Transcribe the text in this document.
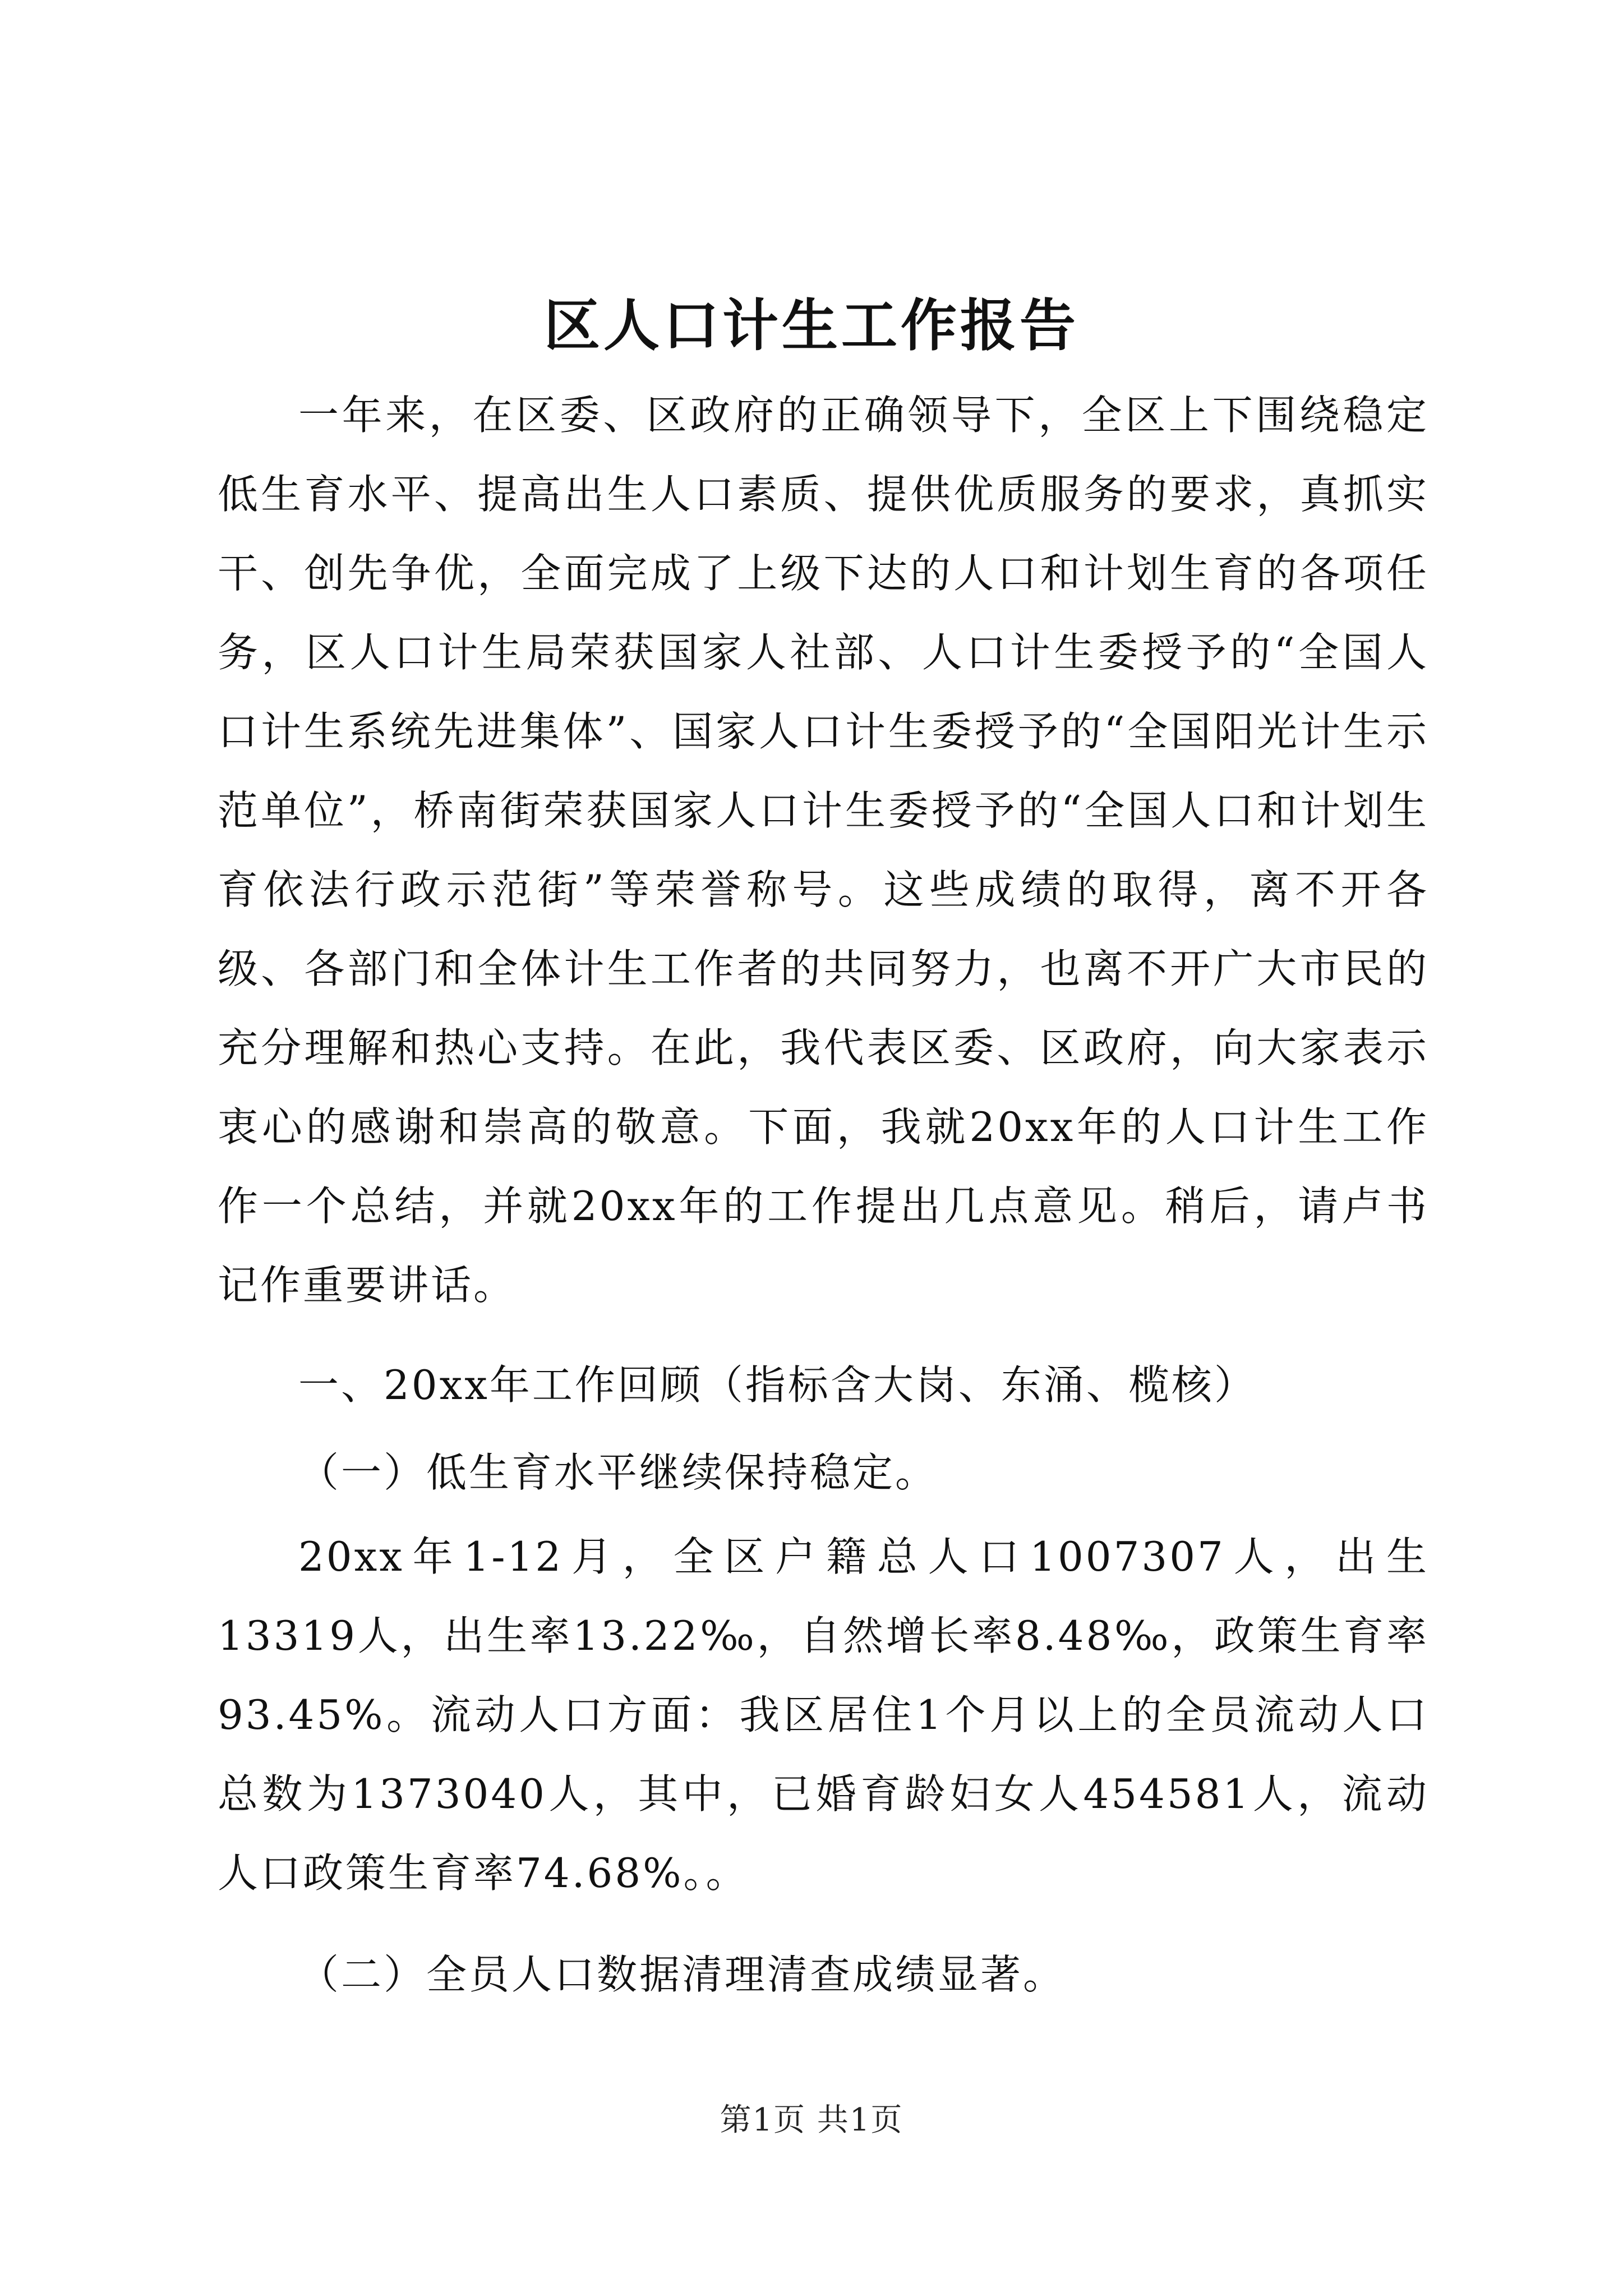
区人口计生工作报告

一年来，在区委、区政府的正确领导下，全区上下围绕稳定低生育水平、提高出生人口素质、提供优质服务的要求，真抓实干、创先争优，全面完成了上级下达的人口和计划生育的各项任务，区人口计生局荣获国家人社部、人口计生委授予的“全国人口计生系统先进集体”、国家人口计生委授予的“全国阳光计生示范单位”，桥南街荣获国家人口计生委授予的“全国人口和计划生育依法行政示范街”等荣誉称号。这些成绩的取得，离不开各级、各部门和全体计生工作者的共同努力，也离不开广大市民的充分理解和热心支持。在此，我代表区委、区政府，向大家表示衷心的感谢和崇高的敬意。下面，我就20xx年的人口计生工作作一个总结，并就20xx年的工作提出几点意见。稍后，请卢书记作重要讲话。

一、20xx年工作回顾（指标含大岗、东涌、榄核）

（一）低生育水平继续保持稳定。

20xx年1-12月，全区户籍总人口1007307人，出生13319人，出生率13.22‰，自然增长率8.48‰，政策生育率93.45%。流动人口方面：我区居住1个月以上的全员流动人口总数为1373040人，其中，已婚育龄妇女人454581人，流动人口政策生育率74.68%。。

（二）全员人口数据清理清查成绩显著。

第1页 共1页
